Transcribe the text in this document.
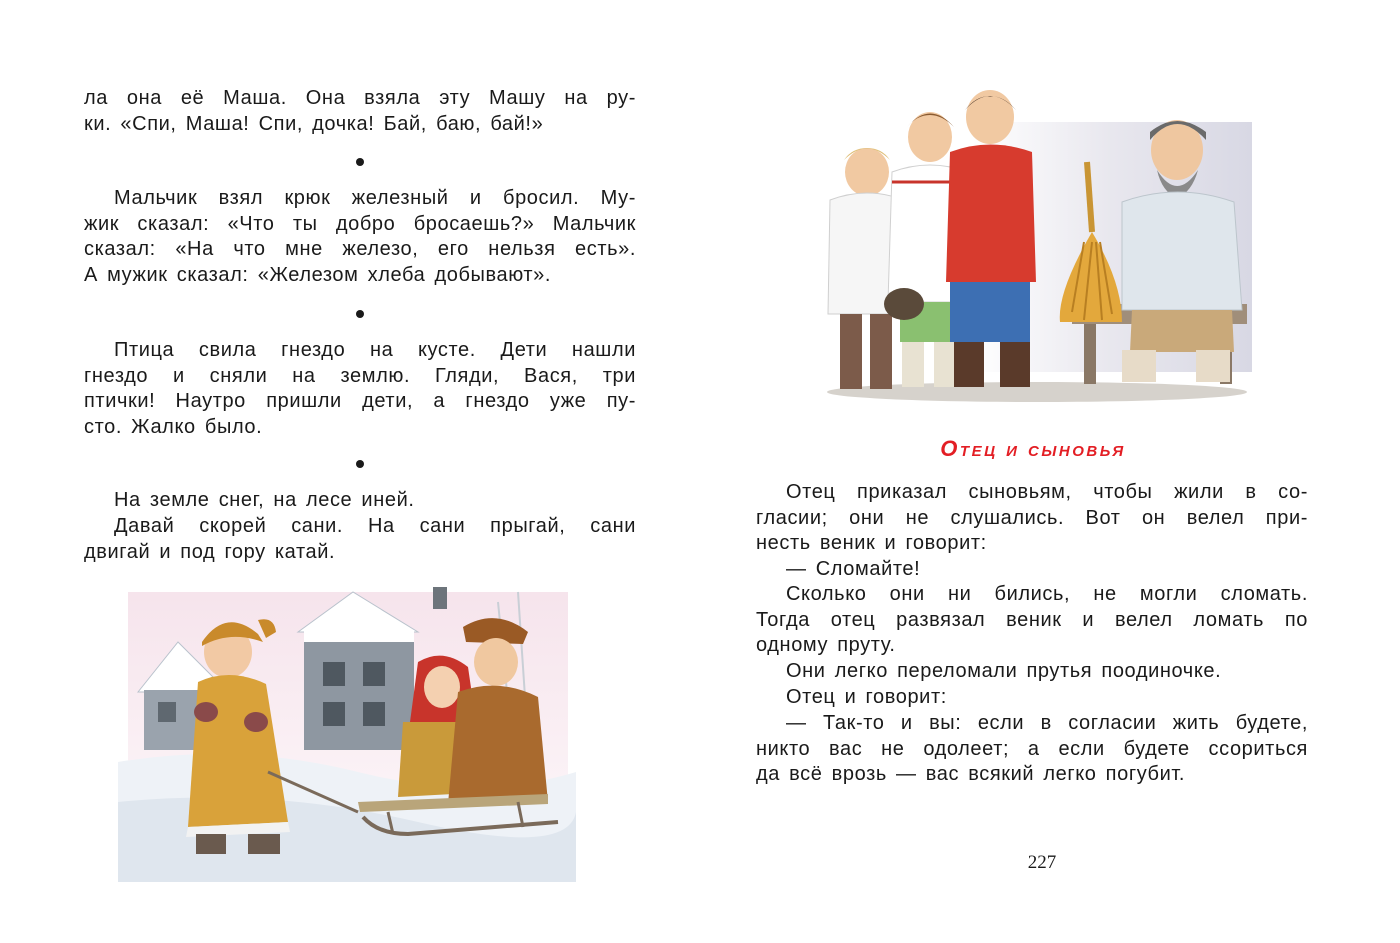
ла она её Маша. Она взяла эту Машу на ру-
ки. «Спи, Маша! Спи, дочка! Бай, баю, бай!»

Мальчик взял крюк железный и бросил. Му-
жик сказал: «Что ты добро бросаешь?» Мальчик
сказал: «На что мне железо, его нельзя есть».
А мужик сказал: «Железом хлеба добывают».

Птица свила гнездо на кусте. Дети нашли
гнездо и сняли на землю. Гляди, Вася, три
птички! Наутро пришли дети, а гнездо уже пу-
сто. Жалко было.

На земле снег, на лесе иней.

Давай скорей сани. На сани прыгай, сани
двигай и под гору катай.

Отец и сыновья

Отец приказал сыновьям, чтобы жили в со-
гласии; они не слушались. Вот он велел при-
несть веник и говорит:

— Сломайте!

Сколько они ни бились, не могли сломать.
Тогда отец развязал веник и велел ломать по
одному пруту.

Они легко переломали прутья поодиночке.

Отец и говорит:

— Так-то и вы: если в согласии жить будете,
никто вас не одолеет; а если будете ссориться
да всё врозь — вас всякий легко погубит.

227
